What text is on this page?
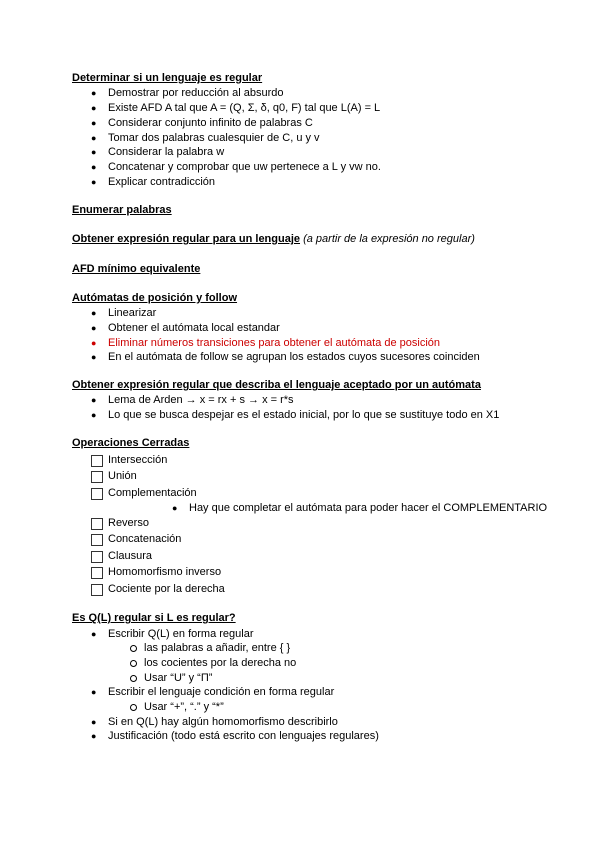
Determinar si un lenguaje es regular
● Demostrar por reducción al absurdo
● Existe AFD A tal que A = (Q, Σ, δ, q0, F) tal que L(A) = L
● Considerar conjunto infinito de palabras C
● Tomar dos palabras cualesquier de C, u y v
● Considerar la palabra w
● Concatenar y comprobar que uw pertenece a L y vw no.
● Explicar contradicción
Enumerar palabras
Obtener expresión regular para un lenguaje (a partir de la expresión no regular)
AFD mínimo equivalente
Autómatas de posición y follow
● Linearizar
● Obtener el autómata local estandar
● Eliminar números transiciones para obtener el autómata de posición
● En el autómata de follow se agrupan los estados cuyos sucesores coinciden
Obtener expresión regular que describa el lenguaje aceptado por un autómata
● Lema de Arden → x = rx + s → x = r*s
● Lo que se busca despejar es el estado inicial, por lo que se sustituye todo en X1
Operaciones Cerradas
Intersección
Unión
Complementación
● Hay que completar el autómata para poder hacer el COMPLEMENTARIO
Reverso
Concatenación
Clausura
Homomorfismo inverso
Cociente por la derecha
Es Q(L) regular si L es regular?
● Escribir Q(L) en forma regular
las palabras a añadir, entre { }
los cocientes por la derecha no
Usar “U” y “Π”
● Escribir el lenguaje condición en forma regular
Usar “+”, “.” y “*”
● Si en Q(L) hay algún homomorfismo describirlo
● Justificación (todo está escrito con lenguajes regulares)
